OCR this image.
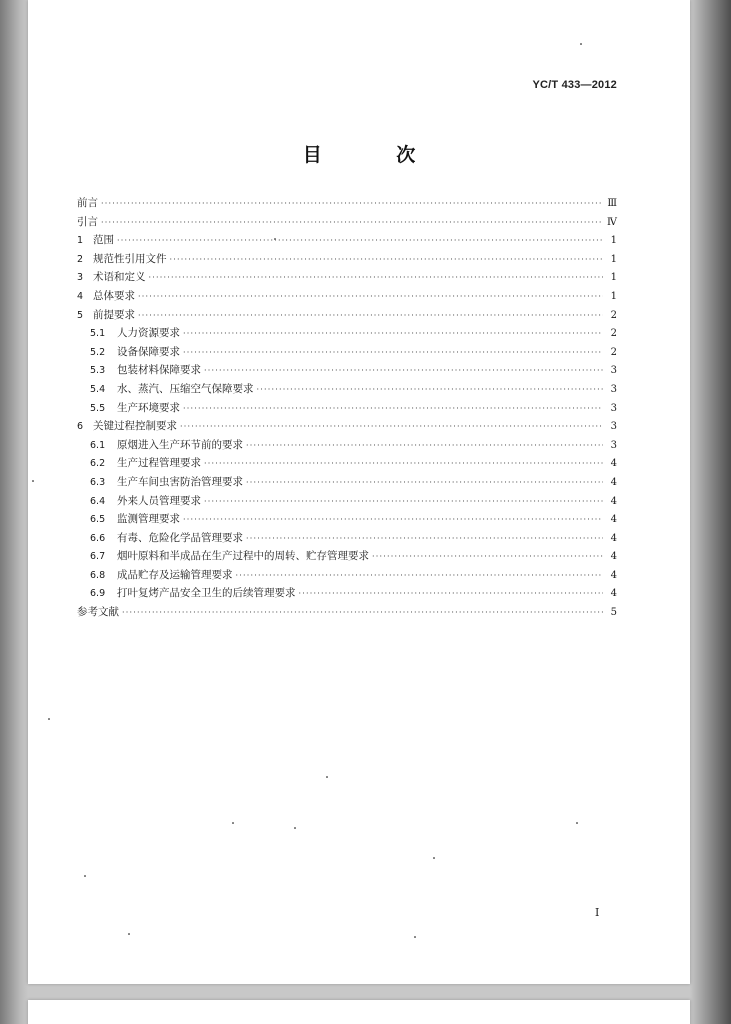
YC/T 433—2012
目 次
前言 ·····	Ⅲ
引言 ·····	Ⅳ
1 范围 ·····	1
2 规范性引用文件 ·····	1
3 术语和定义 ·····	1
4 总体要求 ·····	1
5 前提要求 ·····	2
5.1	人力资源要求 ·····	2
5.2	设备保障要求 ·····	2
5.3	包装材料保障要求 ·····	3
5.4	水、蒸汽、压缩空气保障要求 ·····	3
5.5	生产环境要求 ·····	3
6 关键过程控制要求 ·····	3
6.1	原烟进入生产环节前的要求 ·····	3
6.2	生产过程管理要求 ·····	4
6.3	生产车间虫害防治管理要求 ·····	4
6.4	外来人员管理要求 ·····	4
6.5	监测管理要求 ·····	4
6.6	有毒、危险化学品管理要求 ·····	4
6.7	烟叶原料和半成品在生产过程中的周转、贮存管理要求 ·····	4
6.8	成品贮存及运输管理要求 ·····	4
6.9	打叶复烤产品安全卫生的后续管理要求 ·····	4
参考文献 ·····	5
I
